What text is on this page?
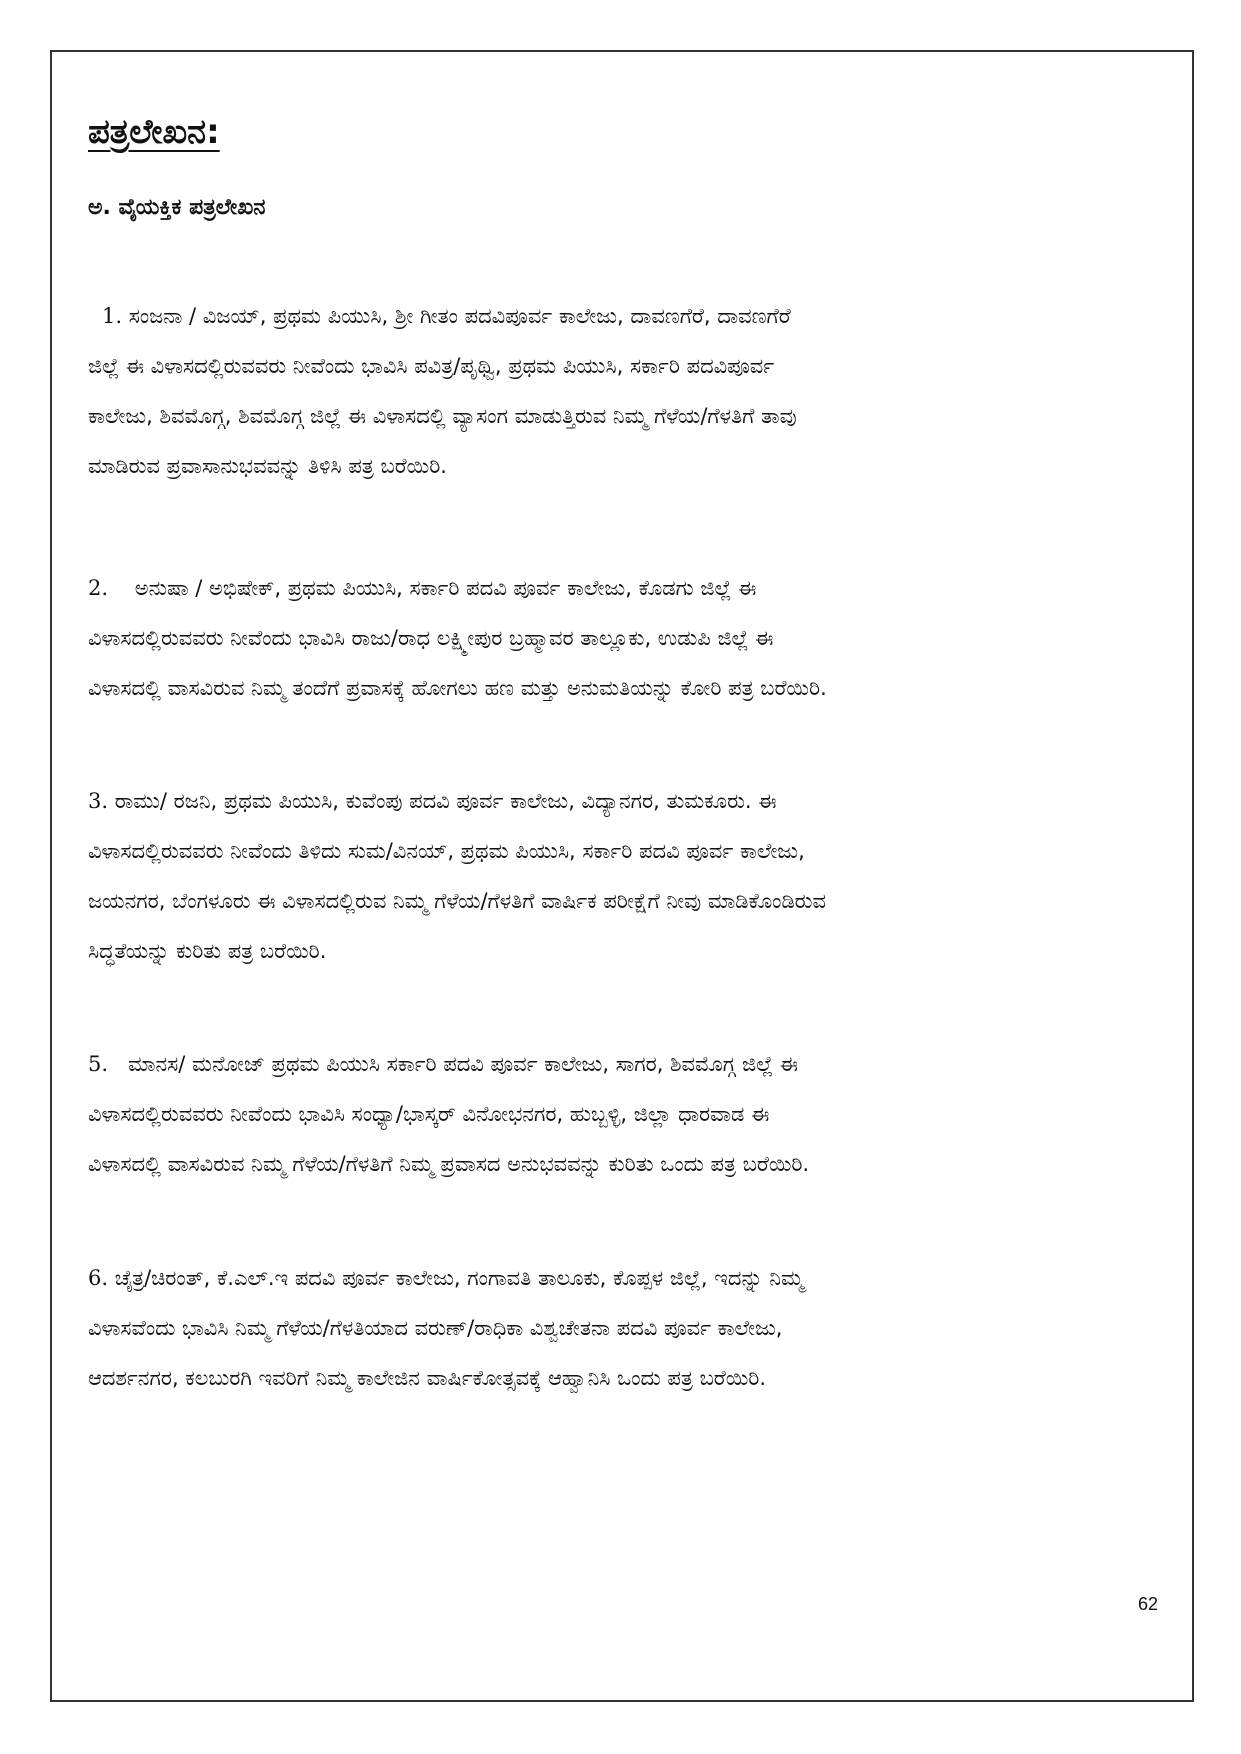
ಪತ್ರಲೇಖನ:
ಅ. ವೈಯಕ್ತಿಕ ಪತ್ರಲೇಖನ
1. ಸಂಜನಾ / ವಿಜಯ್, ಪ್ರಥಮ ಪಿಯುಸಿ, ಶ್ರೀ ಗೀತಂ ಪದವಿಪೂರ್ವ ಕಾಲೇಜು, ದಾವಣಗೆರೆ, ದಾವಣಗೆರೆ
ಜಿಲ್ಲೆ ಈ ವಿಳಾಸದಲ್ಲಿರುವವರು ನೀವೆಂದು ಭಾವಿಸಿ ಪವಿತ್ರ/ಪೃಥ್ವಿ, ಪ್ರಥಮ ಪಿಯುಸಿ, ಸರ್ಕಾರಿ ಪದವಿಪೂರ್ವ
ಕಾಲೇಜು, ಶಿವಮೊಗ್ಗ, ಶಿವಮೊಗ್ಗ ಜಿಲ್ಲೆ ಈ ವಿಳಾಸದಲ್ಲಿ ವ್ಯಾಸಂಗ ಮಾಡುತ್ತಿರುವ ನಿಮ್ಮ ಗೆಳೆಯ/ಗೆಳತಿಗೆ ತಾವು
ಮಾಡಿರುವ ಪ್ರವಾಸಾನುಭವವನ್ನು ತಿಳಿಸಿ ಪತ್ರ ಬರೆಯಿರಿ.
2.    ಅನುಷಾ / ಅಭಿಷೇಕ್, ಪ್ರಥಮ ಪಿಯುಸಿ, ಸರ್ಕಾರಿ ಪದವಿ ಪೂರ್ವ ಕಾಲೇಜು, ಕೊಡಗು ಜಿಲ್ಲೆ ಈ
ವಿಳಾಸದಲ್ಲಿರುವವರು ನೀವೆಂದು ಭಾವಿಸಿ ರಾಜು/ರಾಧ ಲಕ್ಷ್ಮೀಪುರ ಬ್ರಹ್ಮಾವರ ತಾಲ್ಲೂಕು, ಉಡುಪಿ ಜಿಲ್ಲೆ ಈ
ವಿಳಾಸದಲ್ಲಿ ವಾಸವಿರುವ ನಿಮ್ಮ ತಂದೆಗೆ ಪ್ರವಾಸಕ್ಕೆ ಹೋಗಲು ಹಣ ಮತ್ತು ಅನುಮತಿಯನ್ನು ಕೋರಿ ಪತ್ರ ಬರೆಯಿರಿ.
3. ರಾಮು/ ರಜನಿ, ಪ್ರಥಮ ಪಿಯುಸಿ, ಕುವೆಂಪು ಪದವಿ ಪೂರ್ವ ಕಾಲೇಜು, ವಿದ್ಯಾನಗರ, ತುಮಕೂರು. ಈ
ವಿಳಾಸದಲ್ಲಿರುವವರು ನೀವೆಂದು ತಿಳಿದು ಸುಮ/ವಿನಯ್, ಪ್ರಥಮ ಪಿಯುಸಿ, ಸರ್ಕಾರಿ ಪದವಿ ಪೂರ್ವ ಕಾಲೇಜು,
ಜಯನಗರ, ಬೆಂಗಳೂರು ಈ ವಿಳಾಸದಲ್ಲಿರುವ ನಿಮ್ಮ ಗೆಳೆಯ/ಗೆಳತಿಗೆ ವಾರ್ಷಿಕ ಪರೀಕ್ಷೆಗೆ ನೀವು ಮಾಡಿಕೊಂಡಿರುವ
ಸಿದ್ಧತೆಯನ್ನು ಕುರಿತು ಪತ್ರ ಬರೆಯಿರಿ.
5.   ಮಾನಸ/ ಮನೋಜ್ ಪ್ರಥಮ ಪಿಯುಸಿ ಸರ್ಕಾರಿ ಪದವಿ ಪೂರ್ವ ಕಾಲೇಜು, ಸಾಗರ, ಶಿವಮೊಗ್ಗ ಜಿಲ್ಲೆ ಈ
ವಿಳಾಸದಲ್ಲಿರುವವರು ನೀವೆಂದು ಭಾವಿಸಿ ಸಂಧ್ಯಾ/ಭಾಸ್ಕರ್ ವಿನೋಭನಗರ, ಹುಬ್ಬಳ್ಳಿ, ಜಿಲ್ಲಾ ಧಾರವಾಡ ಈ
ವಿಳಾಸದಲ್ಲಿ ವಾಸವಿರುವ ನಿಮ್ಮ ಗೆಳೆಯ/ಗೆಳತಿಗೆ ನಿಮ್ಮ ಪ್ರವಾಸದ ಅನುಭವವನ್ನು ಕುರಿತು ಒಂದು ಪತ್ರ ಬರೆಯಿರಿ.
6. ಚೈತ್ರ/ಚಿರಂತ್, ಕೆ.ಎಲ್.ಇ ಪದವಿ ಪೂರ್ವ ಕಾಲೇಜು, ಗಂಗಾವತಿ ತಾಲೂಕು, ಕೊಪ್ಪಳ ಜಿಲ್ಲೆ, ಇದನ್ನು ನಿಮ್ಮ
ವಿಳಾಸವೆಂದು ಭಾವಿಸಿ ನಿಮ್ಮ ಗೆಳೆಯ/ಗೆಳತಿಯಾದ ವರುಣ್/ರಾಧಿಕಾ ವಿಶ್ವಚೇತನಾ ಪದವಿ ಪೂರ್ವ ಕಾಲೇಜು,
ಆದರ್ಶನಗರ, ಕಲಬುರಗಿ ಇವರಿಗೆ ನಿಮ್ಮ ಕಾಲೇಜಿನ ವಾರ್ಷಿಕೋತ್ಸವಕ್ಕೆ ಆಹ್ವಾನಿಸಿ ಒಂದು ಪತ್ರ ಬರೆಯಿರಿ.

62
